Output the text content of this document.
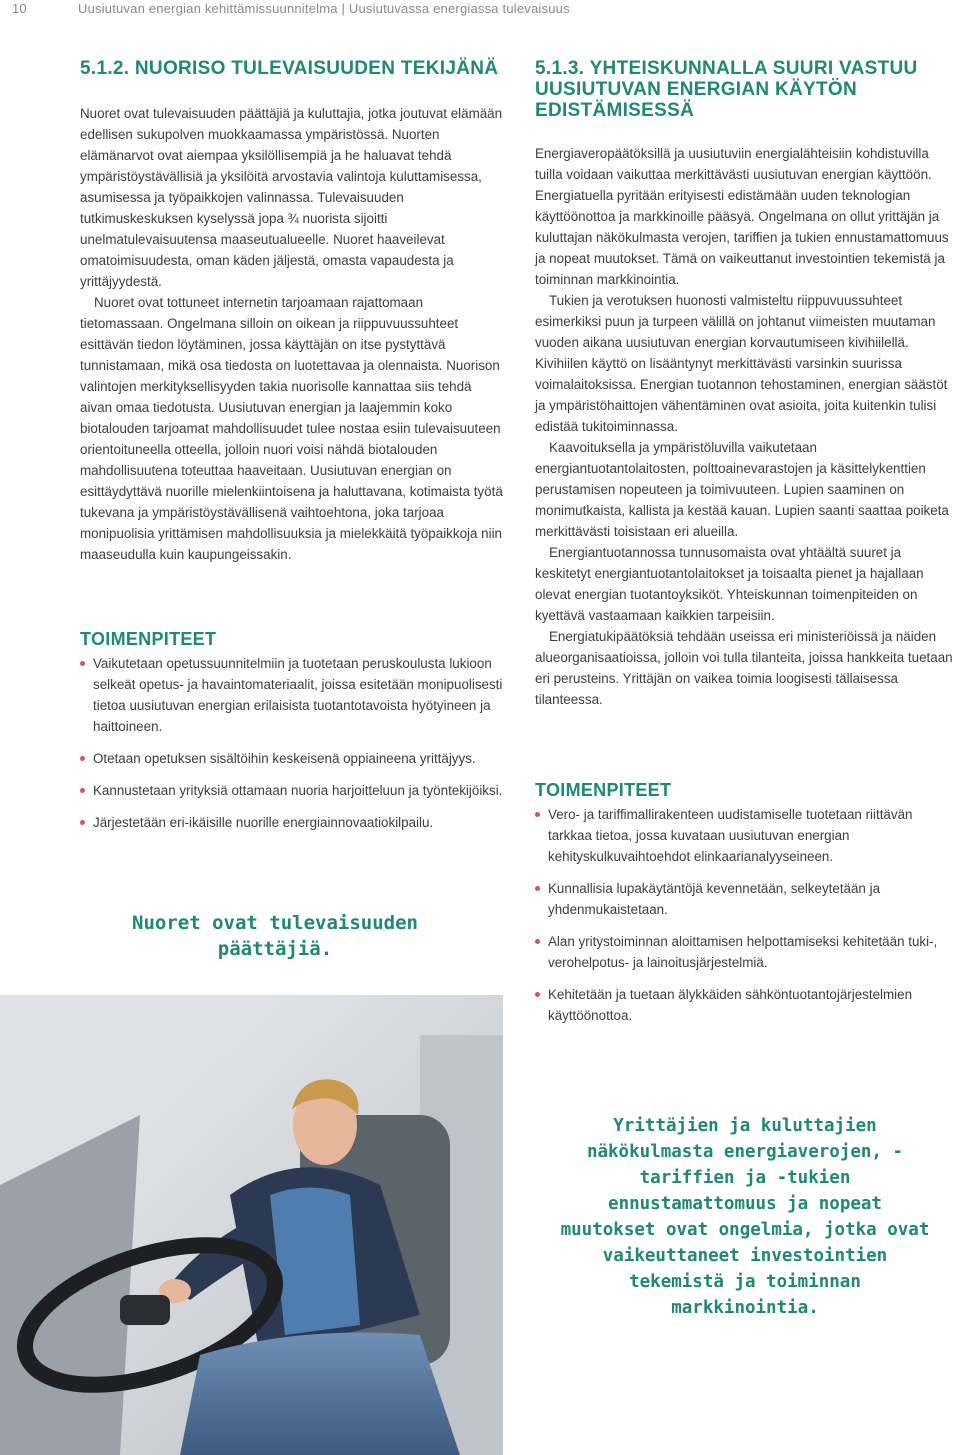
10	Uusiutuvan energian kehittämissuunnitelma | Uusiutuvassa energiassa tulevaisuus
5.1.2. NUORISO TULEVAISUUDEN TEKIJÄNÄ

Nuoret ovat tulevaisuuden päättäjiä ja kuluttajia, jotka joutuvat elämään edellisen sukupolven muokkaamassa ympäristössä. Nuorten elämänarvot ovat aiempaa yksilöllisempiä ja he haluavat tehdä ympäristöystävällisiä ja yksilöitä arvostavia valintoja kuluttamisessa, asumisessa ja työpaikkojen valinnassa. Tulevaisuuden tutkimuskeskuksen kyselyssä jopa ¾ nuorista sijoitti unelmatulevaisuutensa maaseutualueelle. Nuoret haaveilevat omatoimisuudesta, oman käden jäljestä, omasta vapaudesta ja yrittäjyydestä.

Nuoret ovat tottuneet internetin tarjoamaan rajattomaan tietomassaan. Ongelmana silloin on oikean ja riippuvuussuhteet esittävän tiedon löytäminen, jossa käyttäjän on itse pystyttävä tunnistamaan, mikä osa tiedosta on luotettavaa ja olennaista. Nuorison valintojen merkityksellisyyden takia nuorisolle kannattaa siis tehdä aivan omaa tiedotusta. Uusiutuvan energian ja laajemmin koko biotalouden tarjoamat mahdollisuudet tulee nostaa esiin tulevaisuuteen orientoituneella otteella, jolloin nuori voisi nähdä biotalouden mahdollisuutena toteuttaa haaveitaan. Uusiutuvan energian on esittäydyttävä nuorille mielenkiintoisena ja haluttavana, kotimaista työtä tukevana ja ympäristöystävällisenä vaihtoehtona, joka tarjoaa monipuolisia yrittämisen mahdollisuuksia ja mielekkäitä työpaikkoja niin maaseudulla kuin kaupungeissakin.

TOIMENPITEET
Vaikutetaan opetussuunnitelmiin ja tuotetaan peruskoulusta lukioon selkeät opetus- ja havaintomateriaalit, joissa esitetään monipuolisesti tietoa uusiutuvan energian erilaisista tuotantotavoista hyötyineen ja haittoineen.
Otetaan opetuksen sisältöihin keskeisenä oppiaineena yrittäjyys.
Kannustetaan yrityksiä ottamaan nuoria harjoitteluun ja työntekijöiksi.
Järjestetään eri-ikäisille nuorille energiainnovaatiokilpailu.
Nuoret ovat tulevaisuuden päättäjiä.
5.1.3. YHTEISKUNNALLA SUURI VASTUU UUSIUTUVAN ENERGIAN KÄYTÖN EDISTÄMISESSÄ

Energiaveropäätöksillä ja uusiutuviin energialähteisiin kohdistuvilla tuilla voidaan vaikuttaa merkittävästi uusiutuvan energian käyttöön. Energiatuella pyritään erityisesti edistämään uuden teknologian käyttöönottoa ja markkinoille pääsyä. Ongelmana on ollut yrittäjän ja kuluttajan näkökulmasta verojen, tariffien ja tukien ennustamattomuus ja nopeat muutokset. Tämä on vaikeuttanut investointien tekemistä ja toiminnan markkinointia.

Tukien ja verotuksen huonosti valmisteltu riippuvuussuhteet esimerkiksi puun ja turpeen välillä on johtanut viimeisten muutaman vuoden aikana uusiutuvan energian korvautumiseen kivihiilellä. Kivihiilen käyttö on lisääntynyt merkittävästi varsinkin suurissa voimalaitoksissa. Energian tuotannon tehostaminen, energian säästöt ja ympäristöhaittojen vähentäminen ovat asioita, joita kuitenkin tulisi edistää tukitoiminnassa.

Kaavoituksella ja ympäristöluvilla vaikutetaan energiantuotantolaitosten, polttoainevarastojen ja käsittelykenttien perustamisen nopeuteen ja toimivuuteen. Lupien saaminen on monimutkaista, kallista ja kestää kauan. Lupien saanti saattaa poiketa merkittävästi toisistaan eri alueilla.

Energiantuotannossa tunnusomaista ovat yhtäältä suuret ja keskitetyt energiantuotantolaitokset ja toisaalta pienet ja hajallaan olevat energian tuotantoyksiköt. Yhteiskunnan toimenpiteiden on kyettävä vastaamaan kaikkien tarpeisiin.

Energiatukipäätöksiä tehdään useissa eri ministeriöissä ja näiden alueorganisaatioissa, jolloin voi tulla tilanteita, joissa hankkeita tuetaan eri perusteins. Yrittäjän on vaikea toimia loogisesti tällaisessa tilanteessa.

TOIMENPITEET
Vero- ja tariffimallirakenteen uudistamiselle tuotetaan riittävän tarkkaa tietoa, jossa kuvataan uusiutuvan energian kehityskulkuvaihtoehdot elinkaarianalyyseineen.
Kunnallisia lupakäytäntöjä kevennetään, selkeytetään ja yhdenmukaistetaan.
Alan yritystoiminnan aloittamisen helpottamiseksi kehitetään tuki-, verohelpotus- ja lainoitusjärjestelmiä.
Kehitetään ja tuetaan älykkäiden sähköntuotantojärjestelmien käyttöönottoa.
Yrittäjien ja kuluttajien näkökulmasta energiaverojen, -tariffien ja -tukien ennustamattomuus ja nopeat muutokset ovat ongelmia, jotka ovat vaikeuttaneet investointien tekemistä ja toiminnan markkinointia.
